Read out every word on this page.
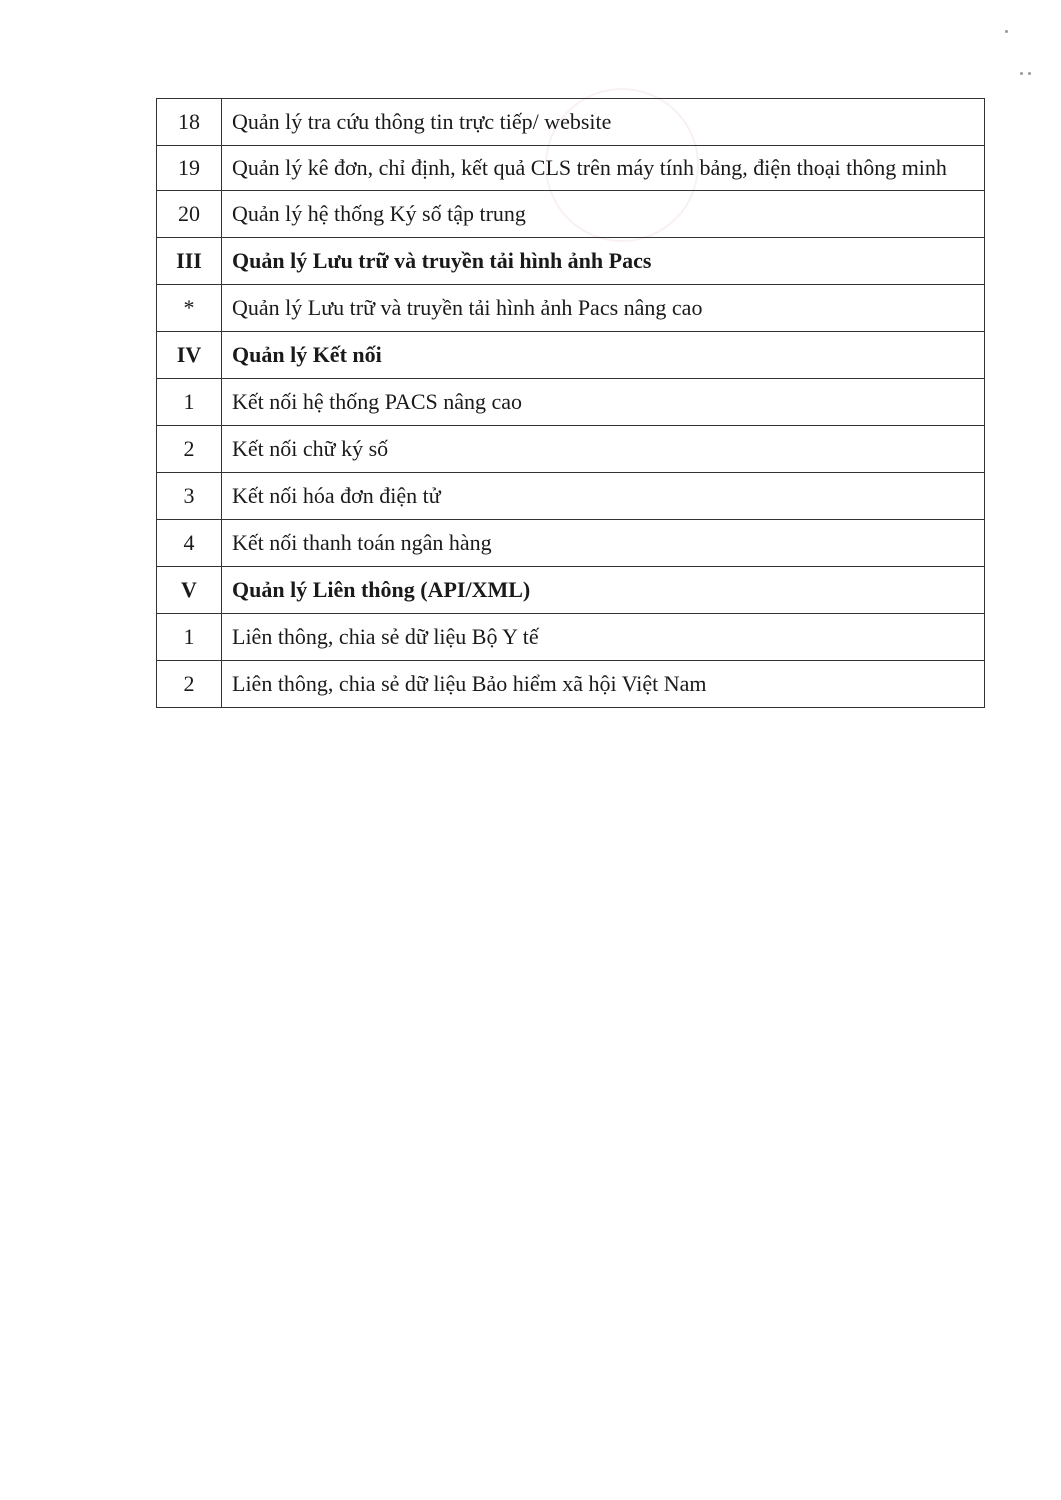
18	Quản lý tra cứu thông tin trực tiếp/ website
19	Quản lý kê đơn, chỉ định, kết quả CLS trên máy tính bảng, điện thoại thông minh
20	Quản lý hệ thống Ký số tập trung
III	Quản lý Lưu trữ và truyền tải hình ảnh Pacs
*	Quản lý Lưu trữ và truyền tải hình ảnh Pacs nâng cao
IV	Quản lý Kết nối
1	Kết nối hệ thống PACS nâng cao
2	Kết nối chữ ký số
3	Kết nối hóa đơn điện tử
4	Kết nối thanh toán ngân hàng
V	Quản lý Liên thông (API/XML)
1	Liên thông, chia sẻ dữ liệu Bộ Y tế
2	Liên thông, chia sẻ dữ liệu Bảo hiểm xã hội Việt Nam
